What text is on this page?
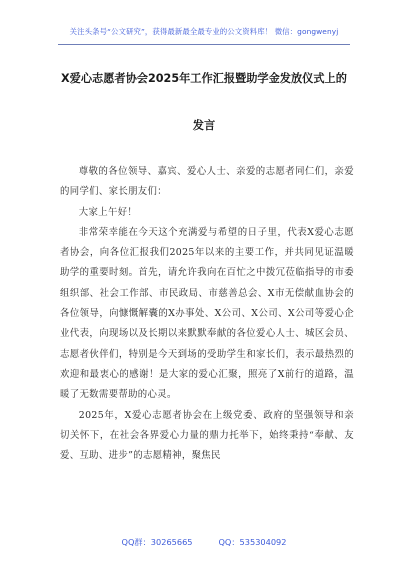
关注头条号“公文研究”，获得最新最全最专业的公文资料库！ 微信：gongwenyj
X爱心志愿者协会2025年工作汇报暨助学金发放仪式上的
发言

尊敬的各位领导、嘉宾、爱心人士、亲爱的志愿者同仁们，亲爱的同学们、家长朋友们：

大家上午好！

非常荣幸能在今天这个充满爱与希望的日子里，代表X爱心志愿者协会，向各位汇报我们2025年以来的主要工作，并共同见证温暖助学的重要时刻。首先，请允许我向在百忙之中拨冗莅临指导的市委组织部、社会工作部、市民政局、市慈善总会、X市无偿献血协会的各位领导，向慷慨解囊的X办事处、X公司、X公司、X公司等爱心企业代表，向现场以及长期以来默默奉献的各位爱心人士、城区会员、志愿者伙伴们，特别是今天到场的受助学生和家长们，表示最热烈的欢迎和最衷心的感谢！是大家的爱心汇聚，照亮了X前行的道路，温暖了无数需要帮助的心灵。

2025年，X爱心志愿者协会在上级党委、政府的坚强领导和亲切关怀下，在社会各界爱心力量的鼎力托举下，始终秉持“奉献、友爱、互助、进步”的志愿精神，聚焦民

QQ群：30265665	QQ：535304092
